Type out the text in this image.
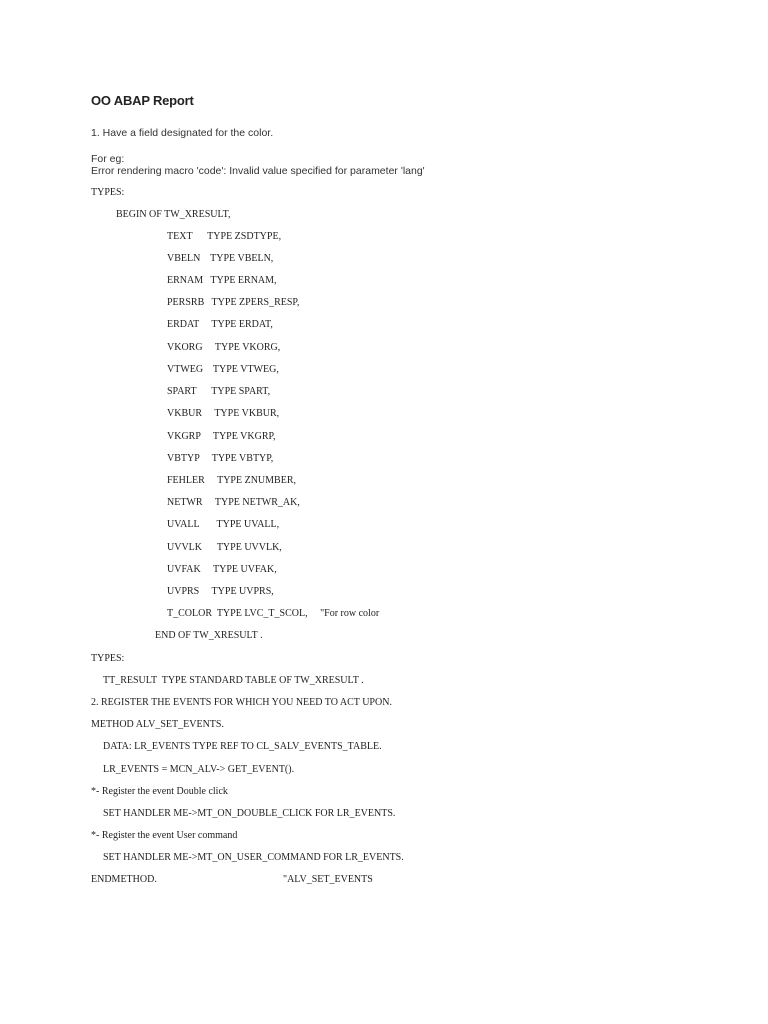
OO ABAP Report
1. Have a field designated for the color.
For eg:
Error rendering macro 'code': Invalid value specified for parameter 'lang'
TYPES:
BEGIN OF TW_XRESULT,
TEXT      TYPE ZSDTYPE,
VBELN    TYPE VBELN,
ERNAM   TYPE ERNAM,
PERSRB   TYPE ZPERS_RESP,
ERDAT     TYPE ERDAT,
VKORG     TYPE VKORG,
VTWEG    TYPE VTWEG,
SPART      TYPE SPART,
VKBUR     TYPE VKBUR,
VKGRP     TYPE VKGRP,
VBTYP     TYPE VBTYP,
FEHLER     TYPE ZNUMBER,
NETWR     TYPE NETWR_AK,
UVALL       TYPE UVALL,
UVVLK      TYPE UVVLK,
UVFAK     TYPE UVFAK,
UVPRS     TYPE UVPRS,
T_COLOR  TYPE LVC_T_SCOL,     "For row color
END OF TW_XRESULT .
TYPES:
TT_RESULT  TYPE STANDARD TABLE OF TW_XRESULT .
2. REGISTER THE EVENTS FOR WHICH YOU NEED TO ACT UPON.
METHOD ALV_SET_EVENTS.
DATA: LR_EVENTS TYPE REF TO CL_SALV_EVENTS_TABLE.
LR_EVENTS = MCN_ALV-> GET_EVENT().
*- Register the event Double click
SET HANDLER ME->MT_ON_DOUBLE_CLICK FOR LR_EVENTS.
*- Register the event User command
SET HANDLER ME->MT_ON_USER_COMMAND FOR LR_EVENTS.
ENDMETHOD.	"ALV_SET_EVENTS
